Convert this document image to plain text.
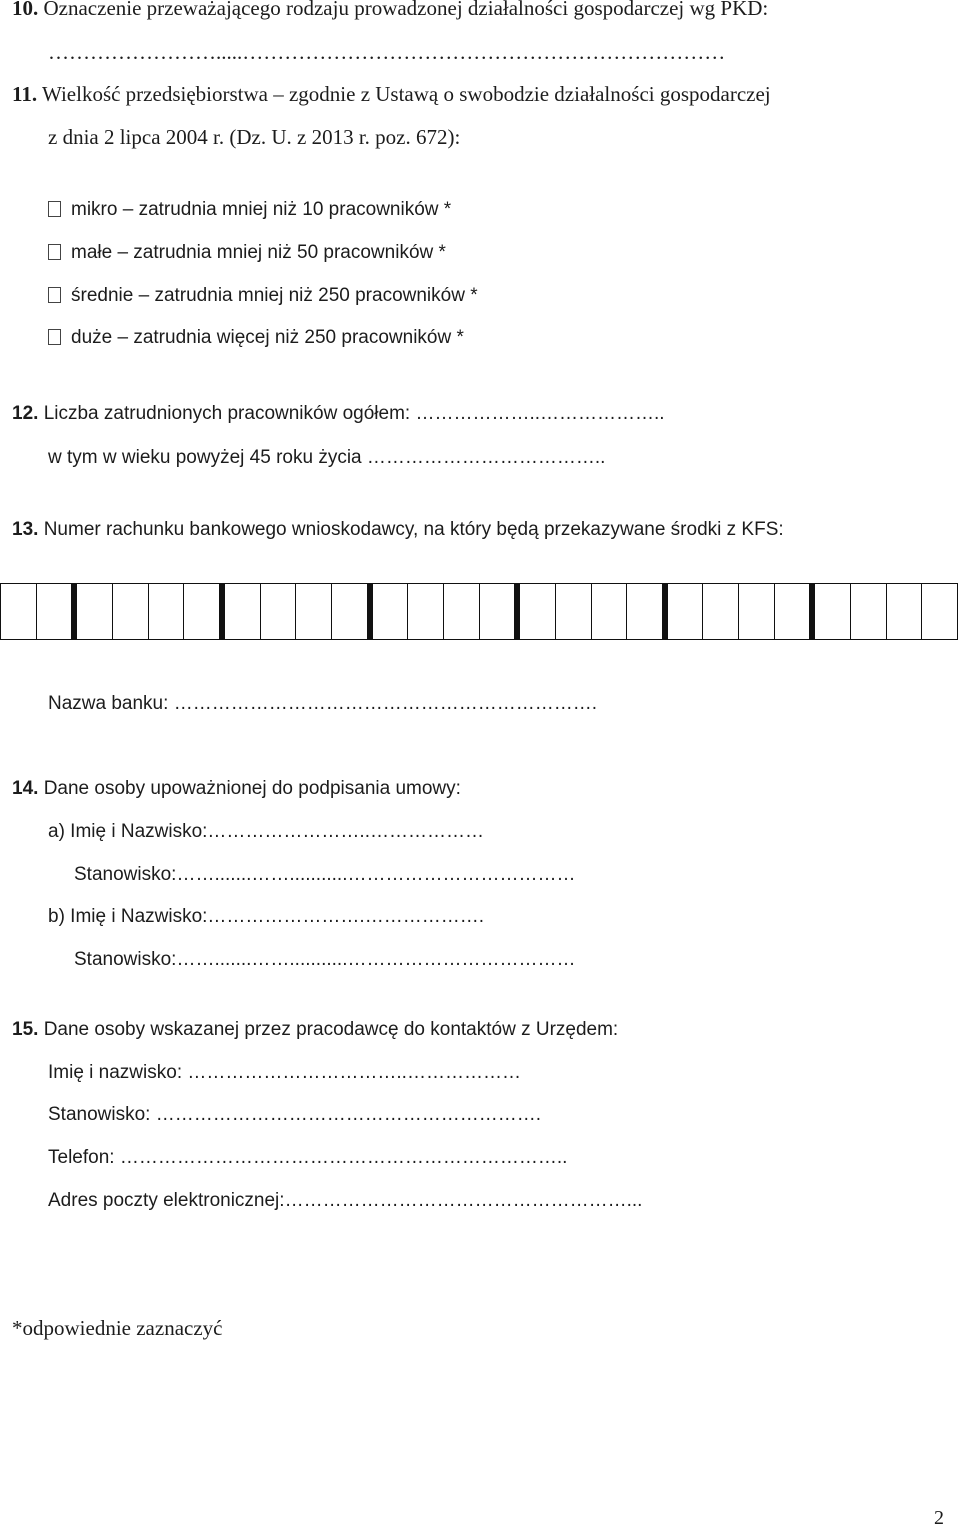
10. Oznaczenie przeważającego rodzaju prowadzonej działalności gospodarczej wg PKD:
…………………….....……………………………………………………………
11. Wielkość przedsiębiorstwa – zgodnie z Ustawą o swobodzie działalności gospodarczej
z dnia 2 lipca 2004 r. (Dz. U. z 2013 r. poz. 672):
mikro – zatrudnia mniej niż 10 pracowników *
małe – zatrudnia mniej niż 50 pracowników *
średnie – zatrudnia mniej niż 250 pracowników *
duże – zatrudnia więcej niż 250 pracowników *
12. Liczba zatrudnionych pracowników ogółem: ………………..………………..
w tym w wieku powyżej 45 roku życia ………………………………..
13. Numer rachunku bankowego wnioskodawcy, na który będą przekazywane środki z KFS:
Nazwa banku: ………………………………………………………….
14. Dane osoby upoważnionej do podpisania umowy:
a) Imię i Nazwisko:……………………..………………
Stanowisko:…….......……...........………………………………
b) Imię i Nazwisko:…………………….……………….
Stanowisko:…….......……...........………………………………
15. Dane osoby wskazanej przez pracodawcę do kontaktów z Urzędem:
Imię i nazwisko: ……………………………..………………
Stanowisko: …………………………………………………….
Telefon: ……………………………………………………………..
Adres poczty elektronicznej:………………………………………………...
*odpowiednie zaznaczyć
2
